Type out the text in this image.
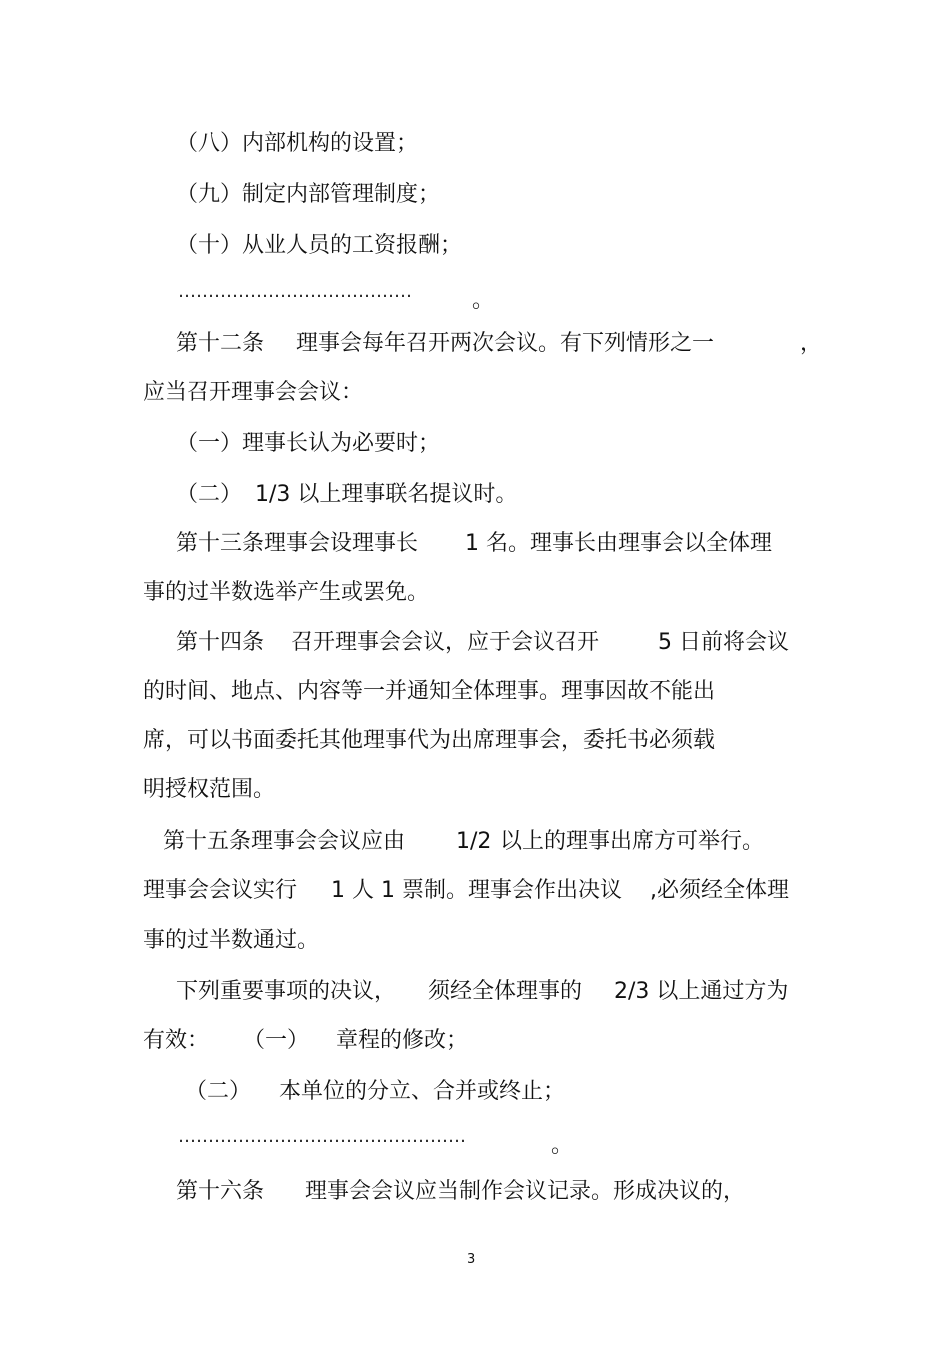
（八）内部机构的设置；
（九）制定内部管理制度；
（十）从业人员的工资报酬；
…………………………………	。
第十二条 理事会每年召开两次会议。有下列情形之一	，
应当召开理事会会议：
（一）理事长认为必要时；
（二） 1/3 以上理事联名提议时。
第十三条理事会设理事长 1 名。理事长由理事会以全体理
事的过半数选举产生或罢免。
第十四条 召开理事会会议，应于会议召开	5 日前将会议
的时间、地点、内容等一并通知全体理事。理事因故不能出
席，可以书面委托其他理事代为出席理事会，委托书必须载
明授权范围。
第十五条理事会会议应由 1/2 以上的理事出席方可举行。
理事会会议实行 1 人 1 票制。理事会作出决议 ,必须经全体理
事的过半数通过。
下列重要事项的决议， 须经全体理事的 2/3 以上通过方为
有效： （一） 章程的修改；
（二） 本单位的分立、合并或终止；
…………………………………………	。
第十六条 理事会会议应当制作会议记录。形成决议的，
3
